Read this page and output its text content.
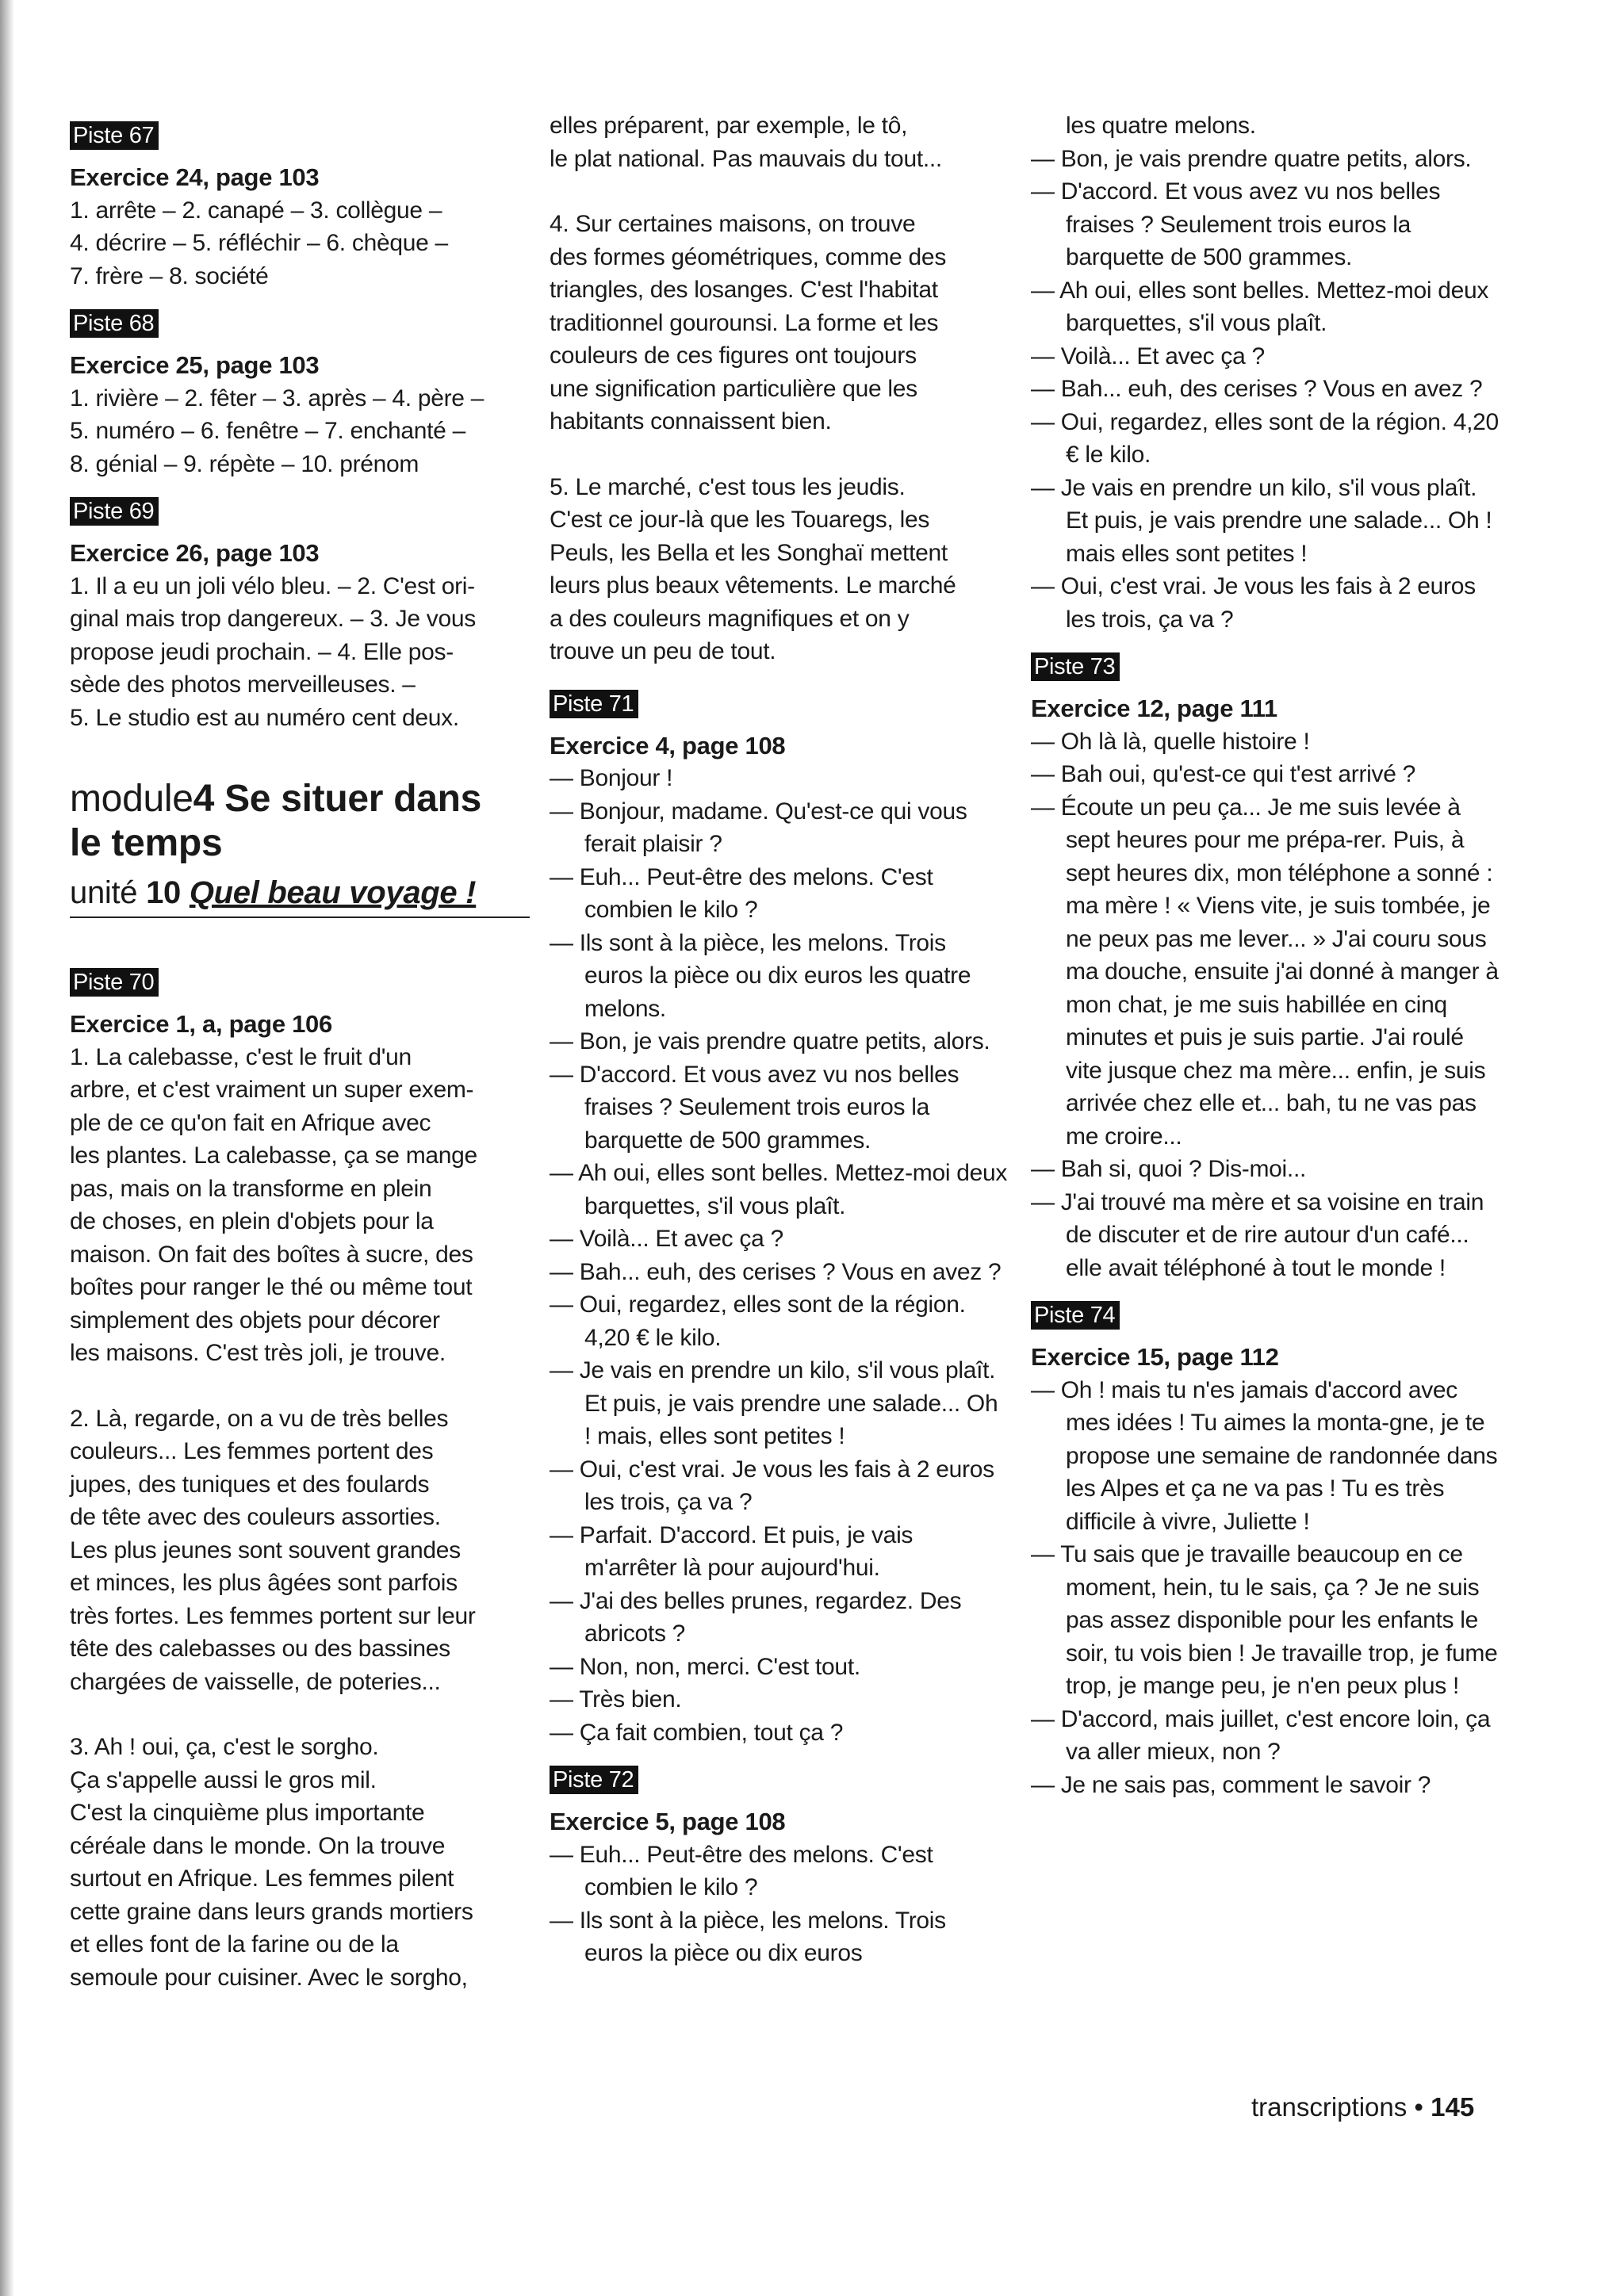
Piste 67
Exercice 24, page 103
1. arrête – 2. canapé – 3. collègue –
4. décrire – 5. réfléchir – 6. chèque –
7. frère – 8. société
Piste 68
Exercice 25, page 103
1. rivière – 2. fêter – 3. après – 4. père –
5. numéro – 6. fenêtre – 7. enchanté –
8. génial – 9. répète – 10. prénom
Piste 69
Exercice 26, page 103
1. Il a eu un joli vélo bleu. – 2. C'est ori-
ginal mais trop dangereux. – 3. Je vous
propose jeudi prochain. – 4. Elle pos-
sède des photos merveilleuses. –
5. Le studio est au numéro cent deux.
module4 Se situer dans
le temps
unité 10 Quel beau voyage !
Piste 70
Exercice 1, a, page 106
1. La calebasse, c'est le fruit d'un
arbre, et c'est vraiment un super exem-
ple de ce qu'on fait en Afrique avec
les plantes. La calebasse, ça se mange
pas, mais on la transforme en plein
de choses, en plein d'objets pour la
maison. On fait des boîtes à sucre, des
boîtes pour ranger le thé ou même tout
simplement des objets pour décorer
les maisons. C'est très joli, je trouve.
2. Là, regarde, on a vu de très belles
couleurs... Les femmes portent des
jupes, des tuniques et des foulards
de tête avec des couleurs assorties.
Les plus jeunes sont souvent grandes
et minces, les plus âgées sont parfois
très fortes. Les femmes portent sur leur
tête des calebasses ou des bassines
chargées de vaisselle, de poteries...
3. Ah ! oui, ça, c'est le sorgho.
Ça s'appelle aussi le gros mil.
C'est la cinquième plus importante
céréale dans le monde. On la trouve
surtout en Afrique. Les femmes pilent
cette graine dans leurs grands mortiers
et elles font de la farine ou de la
semoule pour cuisiner. Avec le sorgho,
elles préparent, par exemple, le tô,
le plat national. Pas mauvais du tout...
4. Sur certaines maisons, on trouve
des formes géométriques, comme des
triangles, des losanges. C'est l'habitat
traditionnel gourounsi. La forme et les
couleurs de ces figures ont toujours
une signification particulière que les
habitants connaissent bien.
5. Le marché, c'est tous les jeudis.
C'est ce jour-là que les Touaregs, les
Peuls, les Bella et les Songhaï mettent
leurs plus beaux vêtements. Le marché
a des couleurs magnifiques et on y
trouve un peu de tout.
Piste 71
Exercice 4, page 108
— Bonjour !
— Bonjour, madame. Qu'est-ce qui vous ferait plaisir ?
— Euh... Peut-être des melons. C'est combien le kilo ?
— Ils sont à la pièce, les melons. Trois euros la pièce ou dix euros les quatre melons.
— Bon, je vais prendre quatre petits, alors.
— D'accord. Et vous avez vu nos belles fraises ? Seulement trois euros la barquette de 500 grammes.
— Ah oui, elles sont belles. Mettez-moi deux barquettes, s'il vous plaît.
— Voilà... Et avec ça ?
— Bah... euh, des cerises ? Vous en avez ?
— Oui, regardez, elles sont de la région. 4,20 € le kilo.
— Je vais en prendre un kilo, s'il vous plaît. Et puis, je vais prendre une salade... Oh ! mais, elles sont petites !
— Oui, c'est vrai. Je vous les fais à 2 euros les trois, ça va ?
— Parfait. D'accord. Et puis, je vais m'arrêter là pour aujourd'hui.
— J'ai des belles prunes, regardez. Des abricots ?
— Non, non, merci. C'est tout.
— Très bien.
— Ça fait combien, tout ça ?
Piste 72
Exercice 5, page 108
— Euh... Peut-être des melons. C'est combien le kilo ?
— Ils sont à la pièce, les melons. Trois euros la pièce ou dix euros
les quatre melons.
— Bon, je vais prendre quatre petits, alors.
— D'accord. Et vous avez vu nos belles fraises ? Seulement trois euros la barquette de 500 grammes.
— Ah oui, elles sont belles. Mettez-moi deux barquettes, s'il vous plaît.
— Voilà... Et avec ça ?
— Bah... euh, des cerises ? Vous en avez ?
— Oui, regardez, elles sont de la région. 4,20 € le kilo.
— Je vais en prendre un kilo, s'il vous plaît. Et puis, je vais prendre une salade... Oh ! mais elles sont petites !
— Oui, c'est vrai. Je vous les fais à 2 euros les trois, ça va ?
Piste 73
Exercice 12, page 111
— Oh là là, quelle histoire !
— Bah oui, qu'est-ce qui t'est arrivé ?
— Écoute un peu ça... Je me suis levée à sept heures pour me prépa-rer. Puis, à sept heures dix, mon téléphone a sonné : ma mère ! « Viens vite, je suis tombée, je ne peux pas me lever... » J'ai couru sous ma douche, ensuite j'ai donné à manger à mon chat, je me suis habillée en cinq minutes et puis je suis partie. J'ai roulé vite jusque chez ma mère... enfin, je suis arrivée chez elle et... bah, tu ne vas pas me croire...
— Bah si, quoi ? Dis-moi...
— J'ai trouvé ma mère et sa voisine en train de discuter et de rire autour d'un café... elle avait téléphoné à tout le monde !
Piste 74
Exercice 15, page 112
— Oh ! mais tu n'es jamais d'accord avec mes idées ! Tu aimes la monta-gne, je te propose une semaine de randonnée dans les Alpes et ça ne va pas ! Tu es très difficile à vivre, Juliette !
— Tu sais que je travaille beaucoup en ce moment, hein, tu le sais, ça ? Je ne suis pas assez disponible pour les enfants le soir, tu vois bien ! Je travaille trop, je fume trop, je mange peu, je n'en peux plus !
— D'accord, mais juillet, c'est encore loin, ça va aller mieux, non ?
— Je ne sais pas, comment le savoir ?
transcriptions • 145
